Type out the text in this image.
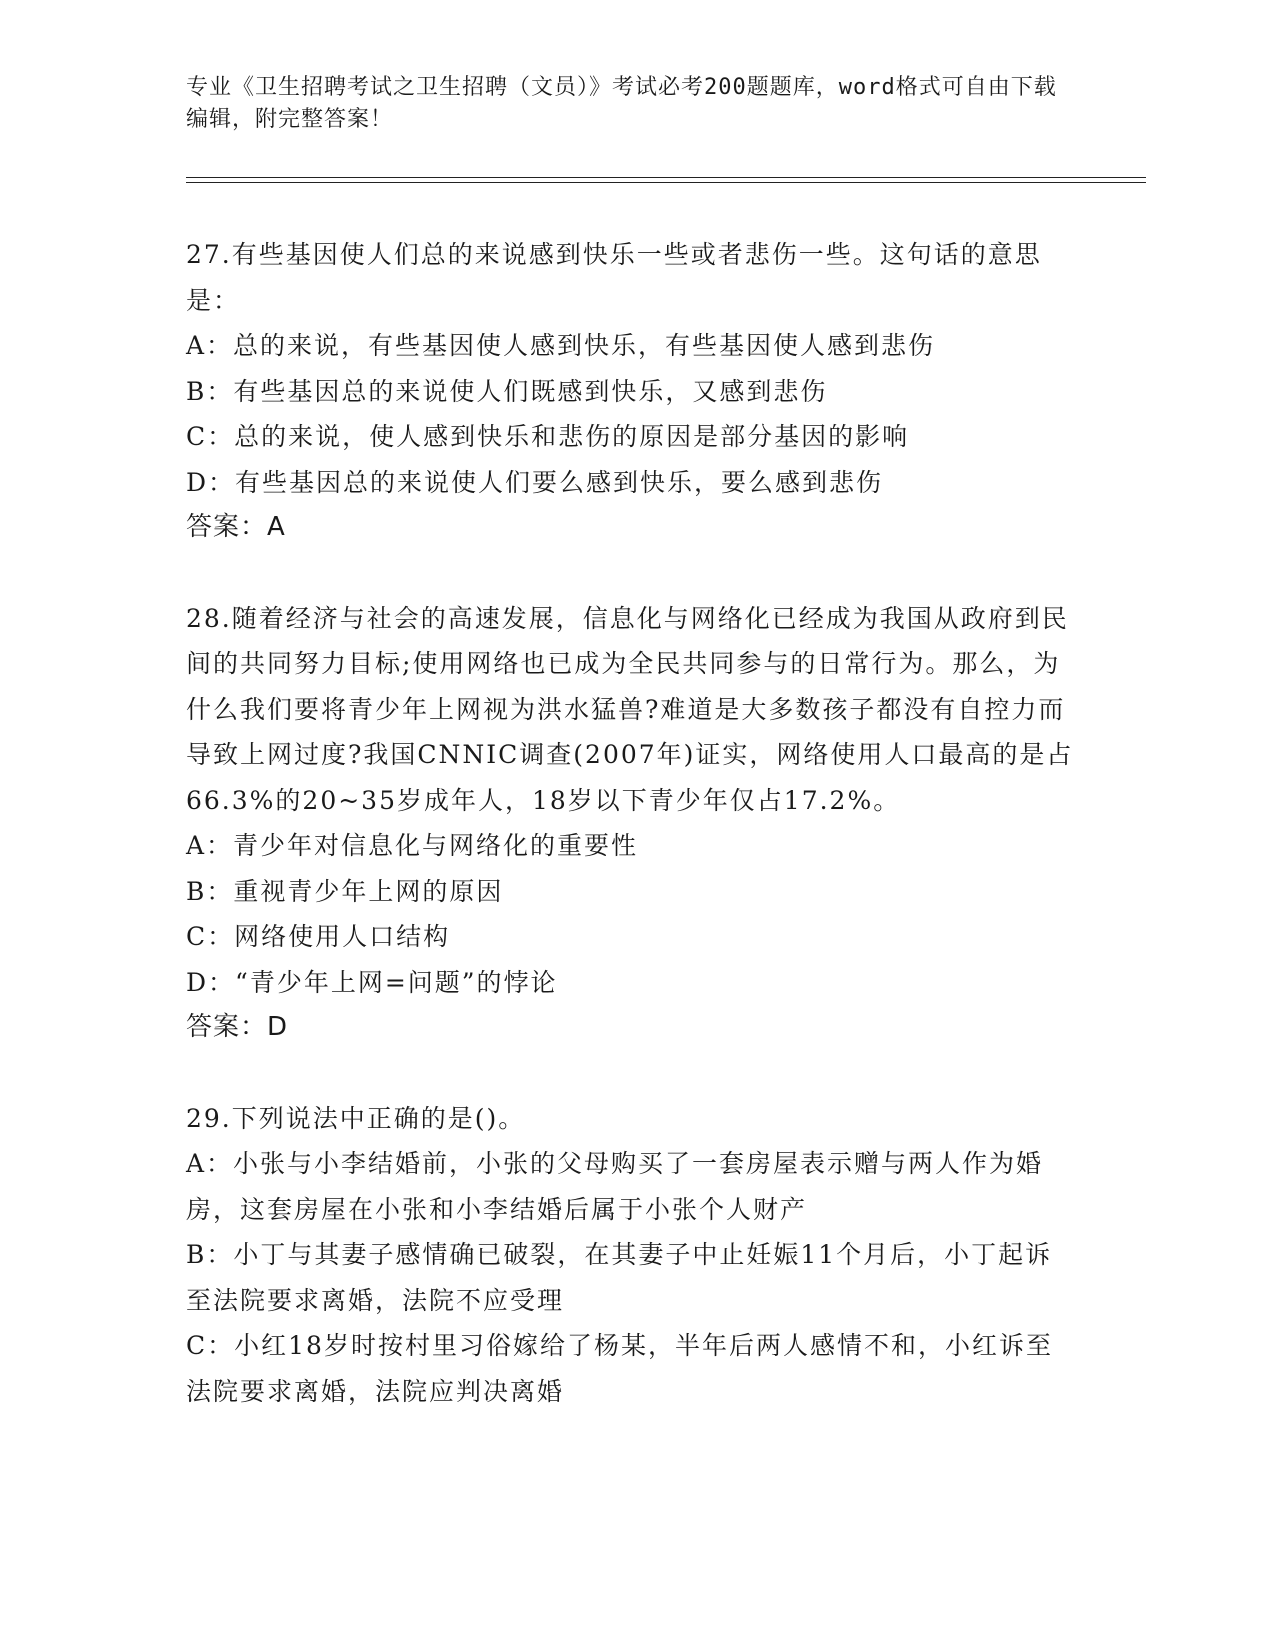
专业《卫生招聘考试之卫生招聘（文员）》考试必考200题题库，word格式可自由下载编辑，附完整答案！

27.有些基因使人们总的来说感到快乐一些或者悲伤一些。这句话的意思是：

A：总的来说，有些基因使人感到快乐，有些基因使人感到悲伤

B：有些基因总的来说使人们既感到快乐，又感到悲伤

C：总的来说，使人感到快乐和悲伤的原因是部分基因的影响

D：有些基因总的来说使人们要么感到快乐，要么感到悲伤

答案：A

28.随着经济与社会的高速发展，信息化与网络化已经成为我国从政府到民间的共同努力目标;使用网络也已成为全民共同参与的日常行为。那么，为什么我们要将青少年上网视为洪水猛兽?难道是大多数孩子都没有自控力而导致上网过度?我国CNNIC调查(2007年)证实，网络使用人口最高的是占66.3%的20~35岁成年人，18岁以下青少年仅占17.2%。

A：青少年对信息化与网络化的重要性

B：重视青少年上网的原因

C：网络使用人口结构

D：“青少年上网=问题”的悖论

答案：D

29.下列说法中正确的是()。

A：小张与小李结婚前，小张的父母购买了一套房屋表示赠与两人作为婚房，这套房屋在小张和小李结婚后属于小张个人财产

B：小丁与其妻子感情确已破裂，在其妻子中止妊娠11个月后，小丁起诉至法院要求离婚，法院不应受理

C：小红18岁时按村里习俗嫁给了杨某，半年后两人感情不和，小红诉至法院要求离婚，法院应判决离婚
